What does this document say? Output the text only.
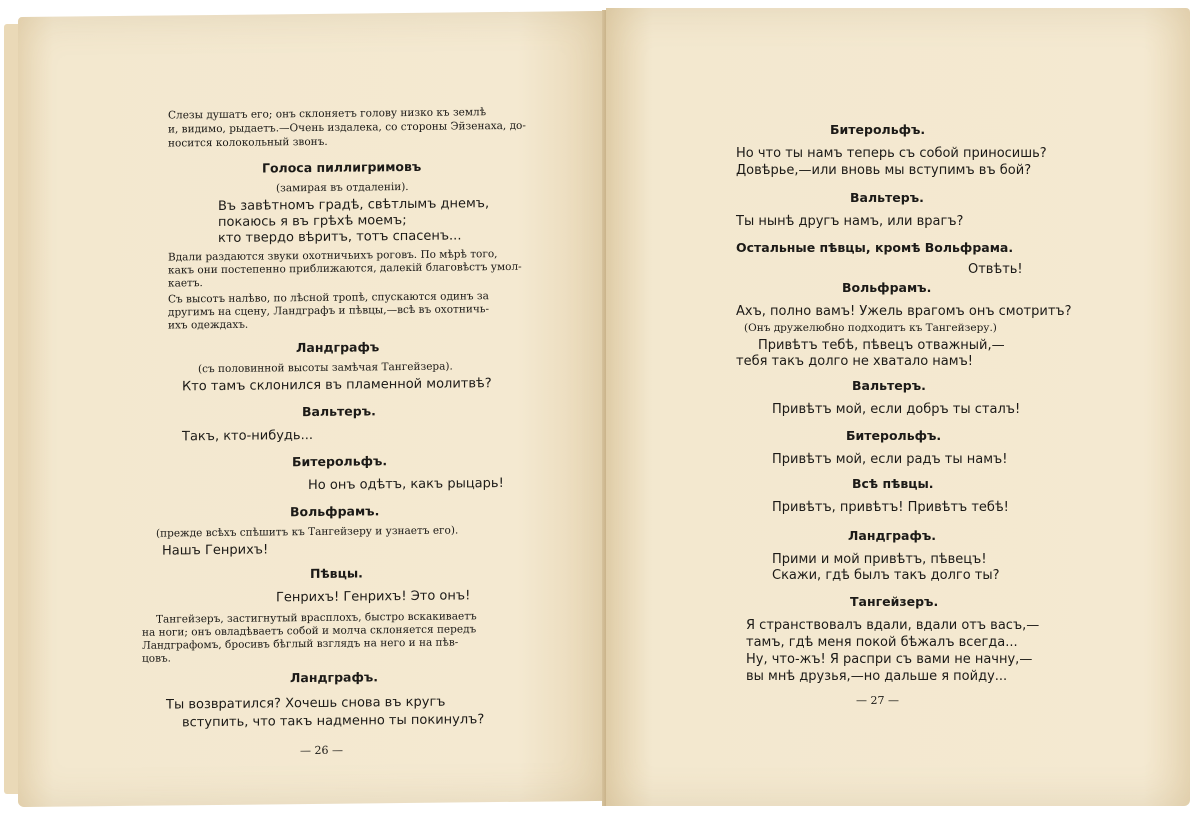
Слезы душатъ его; онъ склоняетъ голову низко къ землѣ
и, видимо, рыдаетъ.—Очень издалека, со стороны Эйзенаха, до-
носится колокольный звонъ.
Голоса пиллигримовъ
(замирая въ отдаленіи).
Въ завѣтномъ градѣ, свѣтлымъ днемъ,
покаюсь я въ грѣхѣ моемъ;
кто твердо вѣритъ, тотъ спасенъ...
Вдали раздаются звуки охотничьихъ роговъ. По мѣрѣ того,
какъ они постепенно приближаются, далекій благовѣстъ умол-
каетъ.
Съ высотъ налѣво, по лѣсной тропѣ, спускаются одинъ за
другимъ на сцену, Ландграфъ и пѣвцы,—всѣ въ охотничь-
ихъ одеждахъ.
Ландграфъ
(съ половинной высоты замѣчая Тангейзера).
Кто тамъ склонился въ пламенной молитвѣ?
Вальтеръ.
Такъ, кто-нибудь...
Битерольфъ.
Но онъ одѣтъ, какъ рыцарь!
Вольфрамъ.
(прежде всѣхъ спѣшитъ къ Тангейзеру и узнаетъ его).
Нашъ Генрихъ!
Пѣвцы.
Генрихъ! Генрихъ! Это онъ!
Тангейзеръ, застигнутый врасплохъ, быстро вскакиваетъ
на ноги; онъ овладѣваетъ собой и молча склоняется передъ
Ландграфомъ, бросивъ бѣглый взглядъ на него и на пѣв-
цовъ.
Ландграфъ.
Ты возвратился? Хочешь снова въ кругъ
вступить, что такъ надменно ты покинулъ?
— 26 —
Битерольфъ.
Но что ты намъ теперь съ собой приносишь?
Довѣрье,—или вновь мы вступимъ въ бой?
Вальтеръ.
Ты нынѣ другъ намъ, или врагъ?
Остальные пѣвцы, кромѣ Вольфрама.
Отвѣть!
Вольфрамъ.
Ахъ, полно вамъ! Ужель врагомъ онъ смотритъ?
(Онъ дружелюбно подходитъ къ Тангейзеру.)
Привѣтъ тебѣ, пѣвецъ отважный,—
тебя такъ долго не хватало намъ!
Вальтеръ.
Привѣтъ мой, если добръ ты сталъ!
Битерольфъ.
Привѣтъ мой, если радъ ты намъ!
Всѣ пѣвцы.
Привѣтъ, привѣтъ! Привѣтъ тебѣ!
Ландграфъ.
Прими и мой привѣтъ, пѣвецъ!
Скажи, гдѣ былъ такъ долго ты?
Тангейзеръ.
Я странствовалъ вдали, вдали отъ васъ,—
тамъ, гдѣ меня покой бѣжалъ всегда...
Ну, что-жъ! Я распри съ вами не начну,—
вы мнѣ друзья,—но дальше я пойду...
— 27 —
